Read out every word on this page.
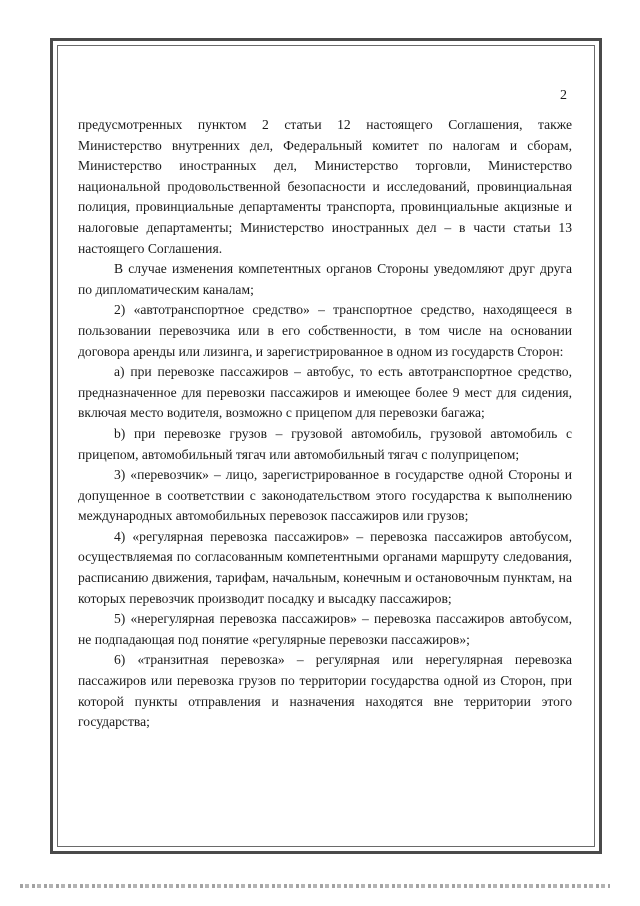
2

предусмотренных пунктом 2 статьи 12 настоящего Соглашения, также Министерство внутренних дел, Федеральный комитет по налогам и сборам, Министерство иностранных дел, Министерство торговли, Министерство национальной продовольственной безопасности и исследований, провинциальная полиция, провинциальные департаменты транспорта, провинциальные акцизные и налоговые департаменты; Министерство иностранных дел – в части статьи 13 настоящего Соглашения.

В случае изменения компетентных органов Стороны уведомляют друг друга по дипломатическим каналам;

2) «автотранспортное средство» – транспортное средство, находящееся в пользовании перевозчика или в его собственности, в том числе на основании договора аренды или лизинга, и зарегистрированное в одном из государств Сторон:

а) при перевозке пассажиров – автобус, то есть автотранспортное средство, предназначенное для перевозки пассажиров и имеющее более 9 мест для сидения, включая место водителя, возможно с прицепом для перевозки багажа;

b) при перевозке грузов – грузовой автомобиль, грузовой автомобиль с прицепом, автомобильный тягач или автомобильный тягач с полуприцепом;

3) «перевозчик» – лицо, зарегистрированное в государстве одной Стороны и допущенное в соответствии с законодательством этого государства к выполнению международных автомобильных перевозок пассажиров или грузов;

4) «регулярная перевозка пассажиров» – перевозка пассажиров автобусом, осуществляемая по согласованным компетентными органами маршруту следования, расписанию движения, тарифам, начальным, конечным и остановочным пунктам, на которых перевозчик производит посадку и высадку пассажиров;

5) «нерегулярная перевозка пассажиров» – перевозка пассажиров автобусом, не подпадающая под понятие «регулярные перевозки пассажиров»;

6) «транзитная перевозка» – регулярная или нерегулярная перевозка пассажиров или перевозка грузов по территории государства одной из Сторон, при которой пункты отправления и назначения находятся вне территории этого государства;
